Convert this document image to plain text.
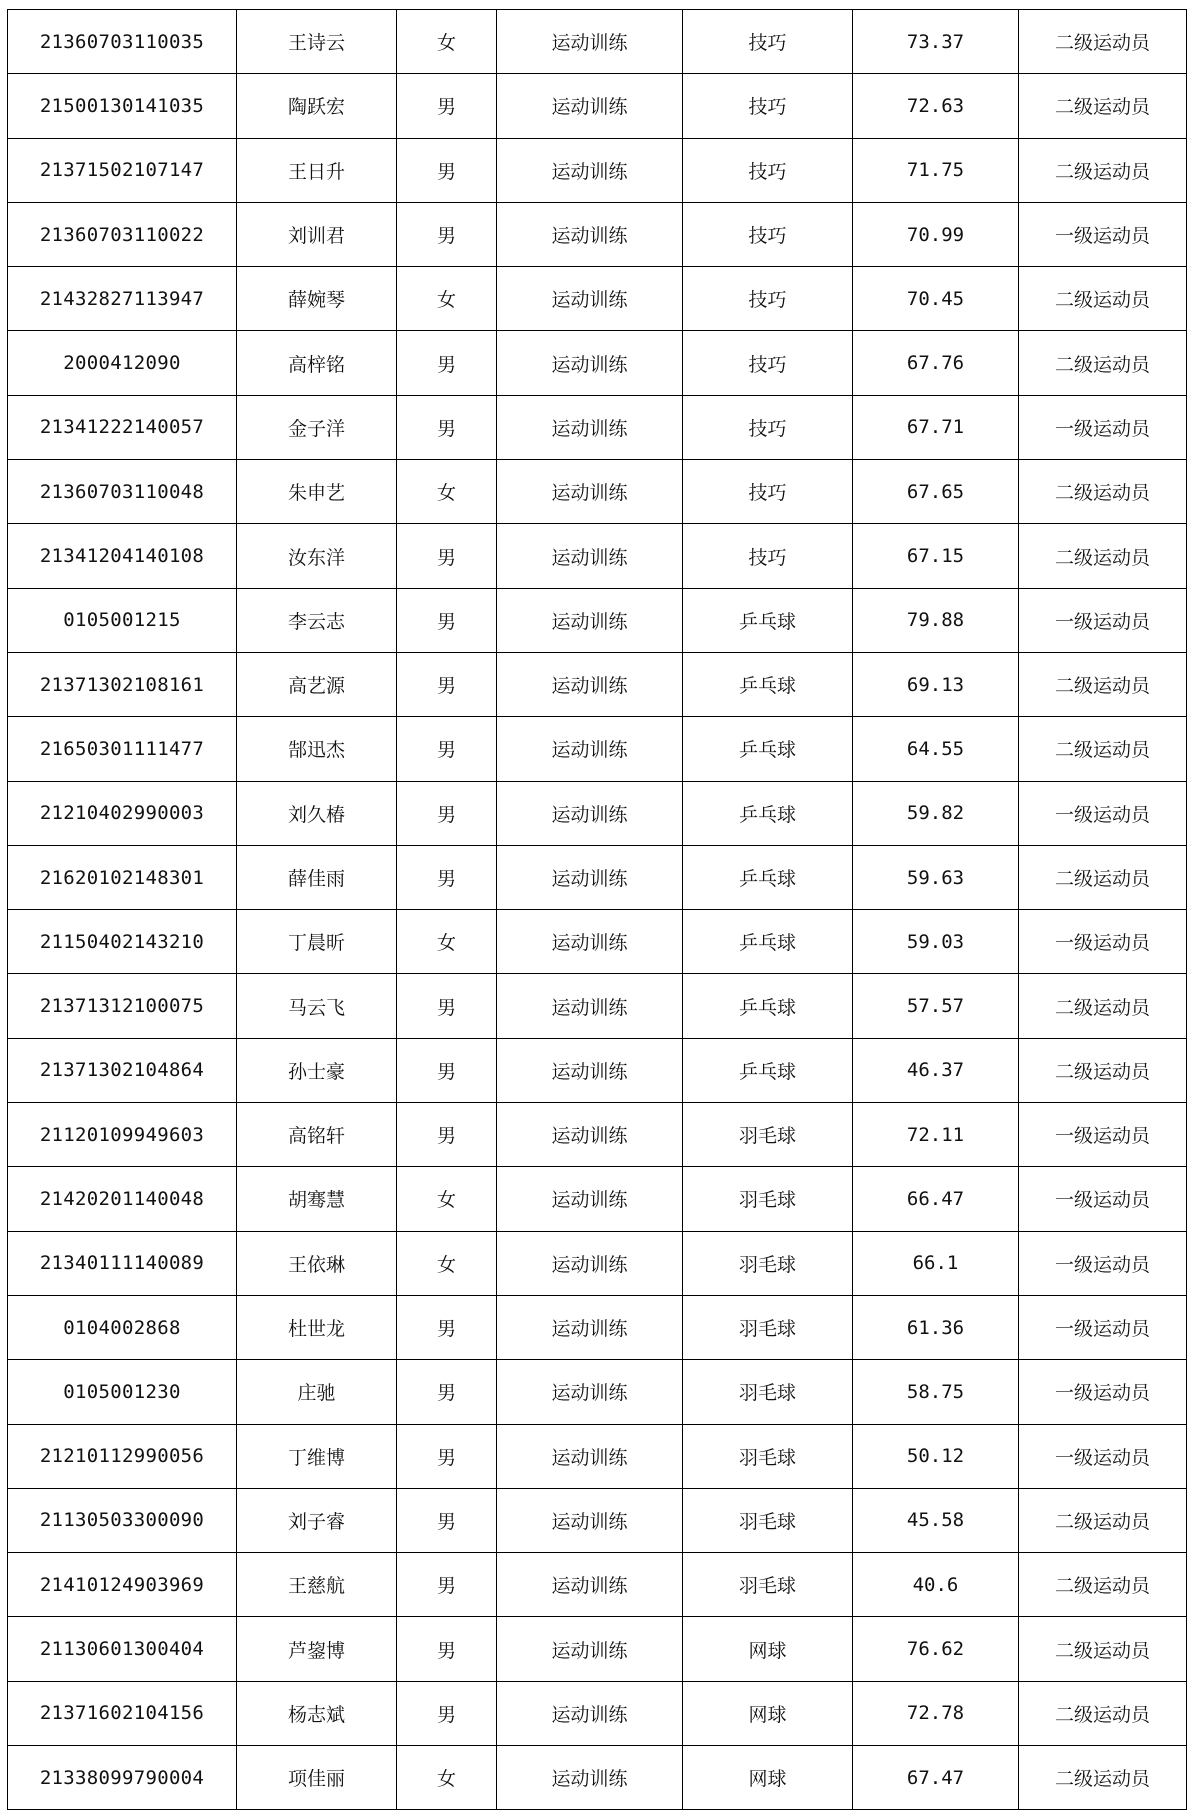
21360703110035	王诗云	女	运动训练	技巧	73.37	二级运动员
21500130141035	陶跃宏	男	运动训练	技巧	72.63	二级运动员
21371502107147	王日升	男	运动训练	技巧	71.75	二级运动员
21360703110022	刘训君	男	运动训练	技巧	70.99	一级运动员
21432827113947	薛婉琴	女	运动训练	技巧	70.45	二级运动员
2000412090	高梓铭	男	运动训练	技巧	67.76	二级运动员
21341222140057	金子洋	男	运动训练	技巧	67.71	一级运动员
21360703110048	朱申艺	女	运动训练	技巧	67.65	二级运动员
21341204140108	汝东洋	男	运动训练	技巧	67.15	二级运动员
0105001215	李云志	男	运动训练	乒乓球	79.88	一级运动员
21371302108161	高艺源	男	运动训练	乒乓球	69.13	二级运动员
21650301111477	郜迅杰	男	运动训练	乒乓球	64.55	二级运动员
21210402990003	刘久椿	男	运动训练	乒乓球	59.82	一级运动员
21620102148301	薛佳雨	男	运动训练	乒乓球	59.63	二级运动员
21150402143210	丁晨昕	女	运动训练	乒乓球	59.03	一级运动员
21371312100075	马云飞	男	运动训练	乒乓球	57.57	二级运动员
21371302104864	孙士豪	男	运动训练	乒乓球	46.37	二级运动员
21120109949603	高铭轩	男	运动训练	羽毛球	72.11	一级运动员
21420201140048	胡骞慧	女	运动训练	羽毛球	66.47	一级运动员
21340111140089	王依琳	女	运动训练	羽毛球	66.1	一级运动员
0104002868	杜世龙	男	运动训练	羽毛球	61.36	一级运动员
0105001230	庄驰	男	运动训练	羽毛球	58.75	一级运动员
21210112990056	丁维博	男	运动训练	羽毛球	50.12	一级运动员
21130503300090	刘子睿	男	运动训练	羽毛球	45.58	二级运动员
21410124903969	王慈航	男	运动训练	羽毛球	40.6	二级运动员
21130601300404	芦鋆博	男	运动训练	网球	76.62	二级运动员
21371602104156	杨志斌	男	运动训练	网球	72.78	二级运动员
21338099790004	项佳丽	女	运动训练	网球	67.47	二级运动员
